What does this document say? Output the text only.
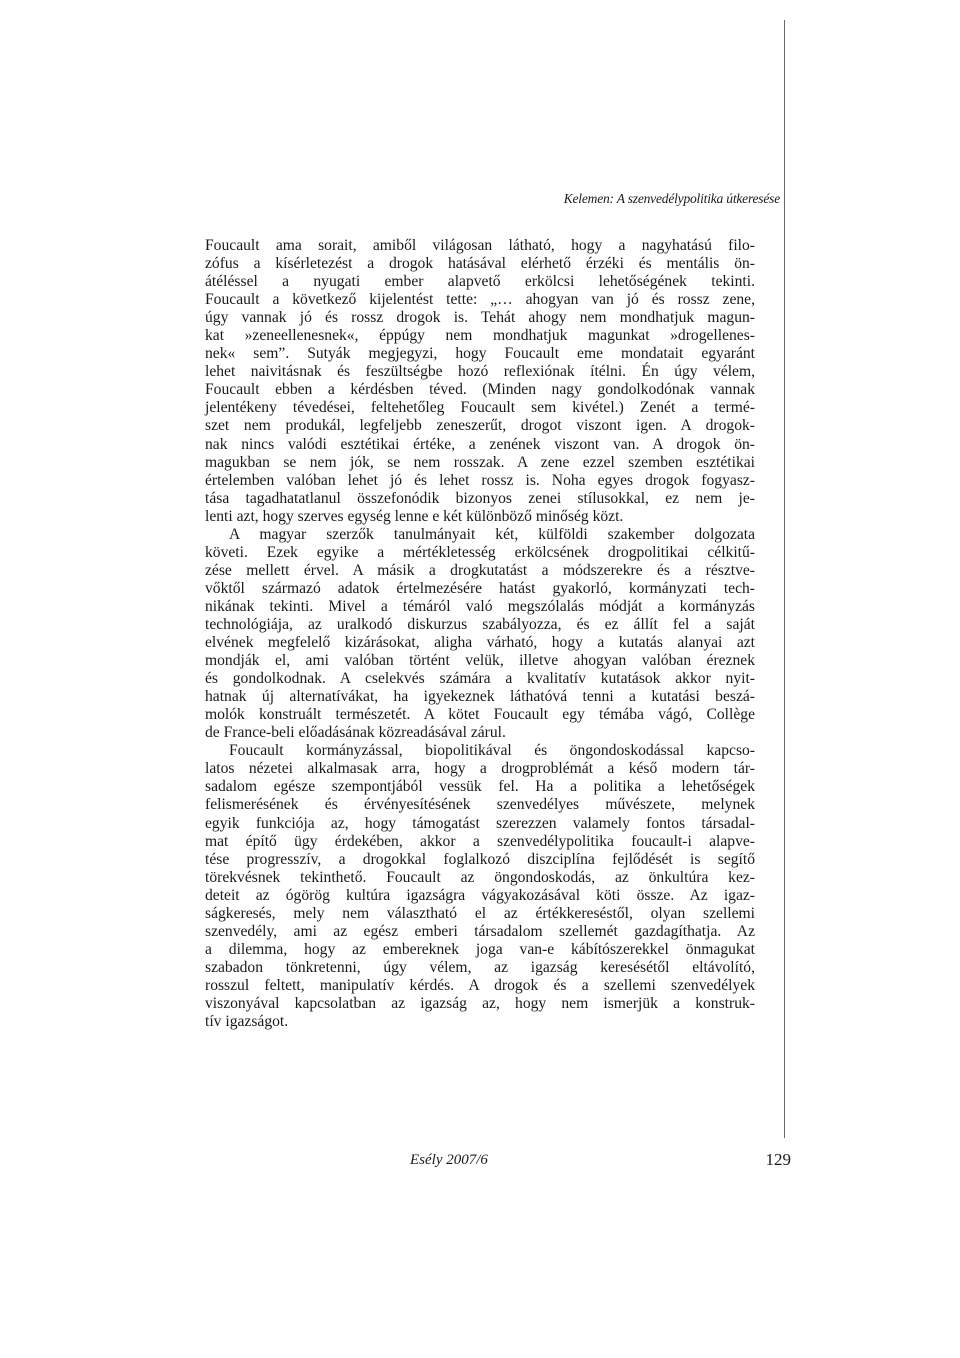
Kelemen: A szenvedélypolitika útkeresése
Foucault ama sorait, amiből világosan látható, hogy a nagyhatású filo-
zófus a kísérletezést a drogok hatásával elérhető érzéki és mentális ön-
átéléssel a nyugati ember alapvető erkölcsi lehetőségének tekinti.
Foucault a következő kijelentést tette: „… ahogyan van jó és rossz zene,
úgy vannak jó és rossz drogok is. Tehát ahogy nem mondhatjuk magun-
kat »zeneellenesnek«, éppúgy nem mondhatjuk magunkat »drogellenes-
nek« sem”. Sutyák megjegyzi, hogy Foucault eme mondatait egyaránt
lehet naivitásnak és feszültségbe hozó reflexiónak ítélni. Én úgy vélem,
Foucault ebben a kérdésben téved. (Minden nagy gondolkodónak vannak
jelentékeny tévedései, feltehetőleg Foucault sem kivétel.) Zenét a termé-
szet nem produkál, legfeljebb zeneszerűt, drogot viszont igen. A drogok-
nak nincs valódi esztétikai értéke, a zenének viszont van. A drogok ön-
magukban se nem jók, se nem rosszak. A zene ezzel szemben esztétikai
értelemben valóban lehet jó és lehet rossz is. Noha egyes drogok fogyasz-
tása tagadhatatlanul összefonódik bizonyos zenei stílusokkal, ez nem je-
lenti azt, hogy szerves egység lenne e két különböző minőség közt.
A magyar szerzők tanulmányait két, külföldi szakember dolgozata
követi. Ezek egyike a mértékletesség erkölcsének drogpolitikai célkitű-
zése mellett érvel. A másik a drogkutatást a módszerekre és a résztve-
vőktől származó adatok értelmezésére hatást gyakorló, kormányzati tech-
nikának tekinti. Mivel a témáról való megszólalás módját a kormányzás
technológiája, az uralkodó diskurzus szabályozza, és ez állít fel a saját
elvének megfelelő kizárásokat, aligha várható, hogy a kutatás alanyai azt
mondják el, ami valóban történt velük, illetve ahogyan valóban éreznek
és gondolkodnak. A cselekvés számára a kvalitatív kutatások akkor nyit-
hatnak új alternatívákat, ha igyekeznek láthatóvá tenni a kutatási beszá-
molók konstruált természetét. A kötet Foucault egy témába vágó, Collège
de France-beli előadásának közreadásával zárul.
Foucault kormányzással, biopolitikával és öngondoskodással kapcso-
latos nézetei alkalmasak arra, hogy a drogproblémát a késő modern tár-
sadalom egésze szempontjából vessük fel. Ha a politika a lehetőségek
felismerésének és érvényesítésének szenvedélyes művészete, melynek
egyik funkciója az, hogy támogatást szerezzen valamely fontos társadal-
mat építő ügy érdekében, akkor a szenvedélypolitika foucault-i alapve-
tése progresszív, a drogokkal foglalkozó diszciplína fejlődését is segítő
törekvésnek tekinthető. Foucault az öngondoskodás, az önkultúra kez-
deteit az ógörög kultúra igazságra vágyakozásával köti össze. Az igaz-
ságkeresés, mely nem választható el az értékkereséstől, olyan szellemi
szenvedély, ami az egész emberi társadalom szellemét gazdagíthatja. Az
a dilemma, hogy az embereknek joga van-e kábítószerekkel önmagukat
szabadon tönkretenni, úgy vélem, az igazság keresésétől eltávolító,
rosszul feltett, manipulatív kérdés. A drogok és a szellemi szenvedélyek
viszonyával kapcsolatban az igazság az, hogy nem ismerjük a konstruk-
tív igazságot.
Esély 2007/6	129
